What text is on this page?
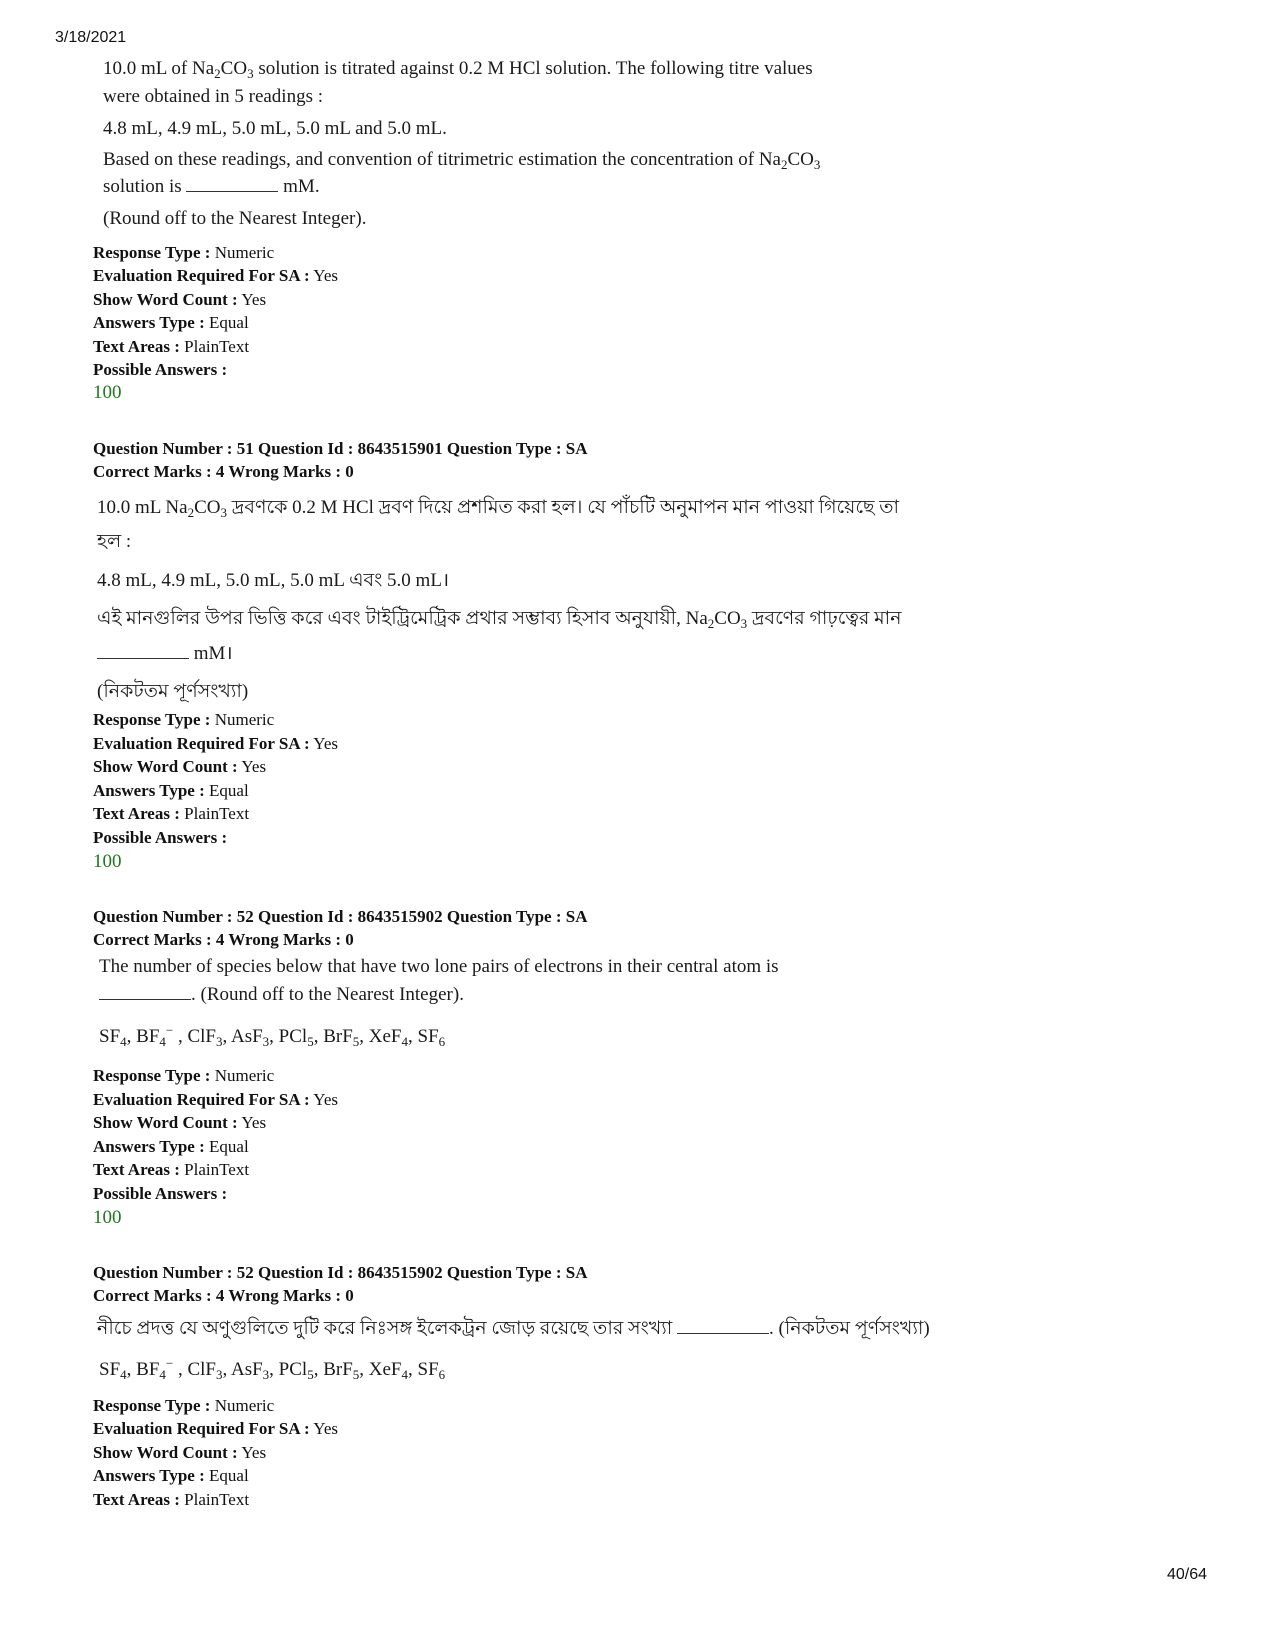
3/18/2021
10.0 mL of $Na_2CO_3$ solution is titrated against 0.2 M HCl solution. The following titre values
were obtained in 5 readings :
4.8 mL, 4.9 mL, 5.0 mL, 5.0 mL and 5.0 mL.
Based on these readings, and convention of titrimetric estimation the concentration of $Na_2CO_3$
solution is	mM.
(Round off to the Nearest Integer).
Response Type : Numeric
Evaluation Required For SA : Yes
Show Word Count : Yes
Answers Type : Equal
Text Areas : PlainText
Possible Answers :
100
Question Number : 51 Question Id : 8643515901 Question Type : SA
Correct Marks : 4 Wrong Marks : 0
10.0 mL $Na_2CO_3$ দ্রবণকে 0.2 M HCl দ্রবণ দিয়ে প্রশমিত করা হল। যে পাঁচটি অনুমাপন মান পাওয়া গিয়েছে তা
হল :
4.8 mL, 4.9 mL, 5.0 mL, 5.0 mL এবং 5.0 mL।
এই মানগুলির উপর ভিত্তি করে এবং টাইট্রিমেট্রিক প্রথার সম্ভাব্য হিসাব অনুযায়ী, $Na_2CO_3$ দ্রবণের গাঢ়ত্বের মান
mM।
(নিকটতম পূর্ণসংখ্যা)
Response Type : Numeric
Evaluation Required For SA : Yes
Show Word Count : Yes
Answers Type : Equal
Text Areas : PlainText
Possible Answers :
100
Question Number : 52 Question Id : 8643515902 Question Type : SA
Correct Marks : 4 Wrong Marks : 0
The number of species below that have two lone pairs of electrons in their central atom is
. (Round off to the Nearest Integer).
$SF_4$, $BF_4^-$ , ClF$_3$, AsF$_3$, PCl$_5$, BrF$_5$, XeF$_4$, $SF_6$
Response Type : Numeric
Evaluation Required For SA : Yes
Show Word Count : Yes
Answers Type : Equal
Text Areas : PlainText
Possible Answers :
100
Question Number : 52 Question Id : 8643515902 Question Type : SA
Correct Marks : 4 Wrong Marks : 0
নীচে প্রদত্ত যে অণুগুলিতে দুটি করে নিঃসঙ্গ ইলেকট্রন জোড় রয়েছে তার সংখ্যা	. (নিকটতম পূর্ণসংখ্যা)
$SF_4$, $BF_4^-$ , ClF$_3$, AsF$_3$, PCl$_5$, BrF$_5$, XeF$_4$, $SF_6$
Response Type : Numeric
Evaluation Required For SA : Yes
Show Word Count : Yes
Answers Type : Equal
Text Areas : PlainText
40/64
